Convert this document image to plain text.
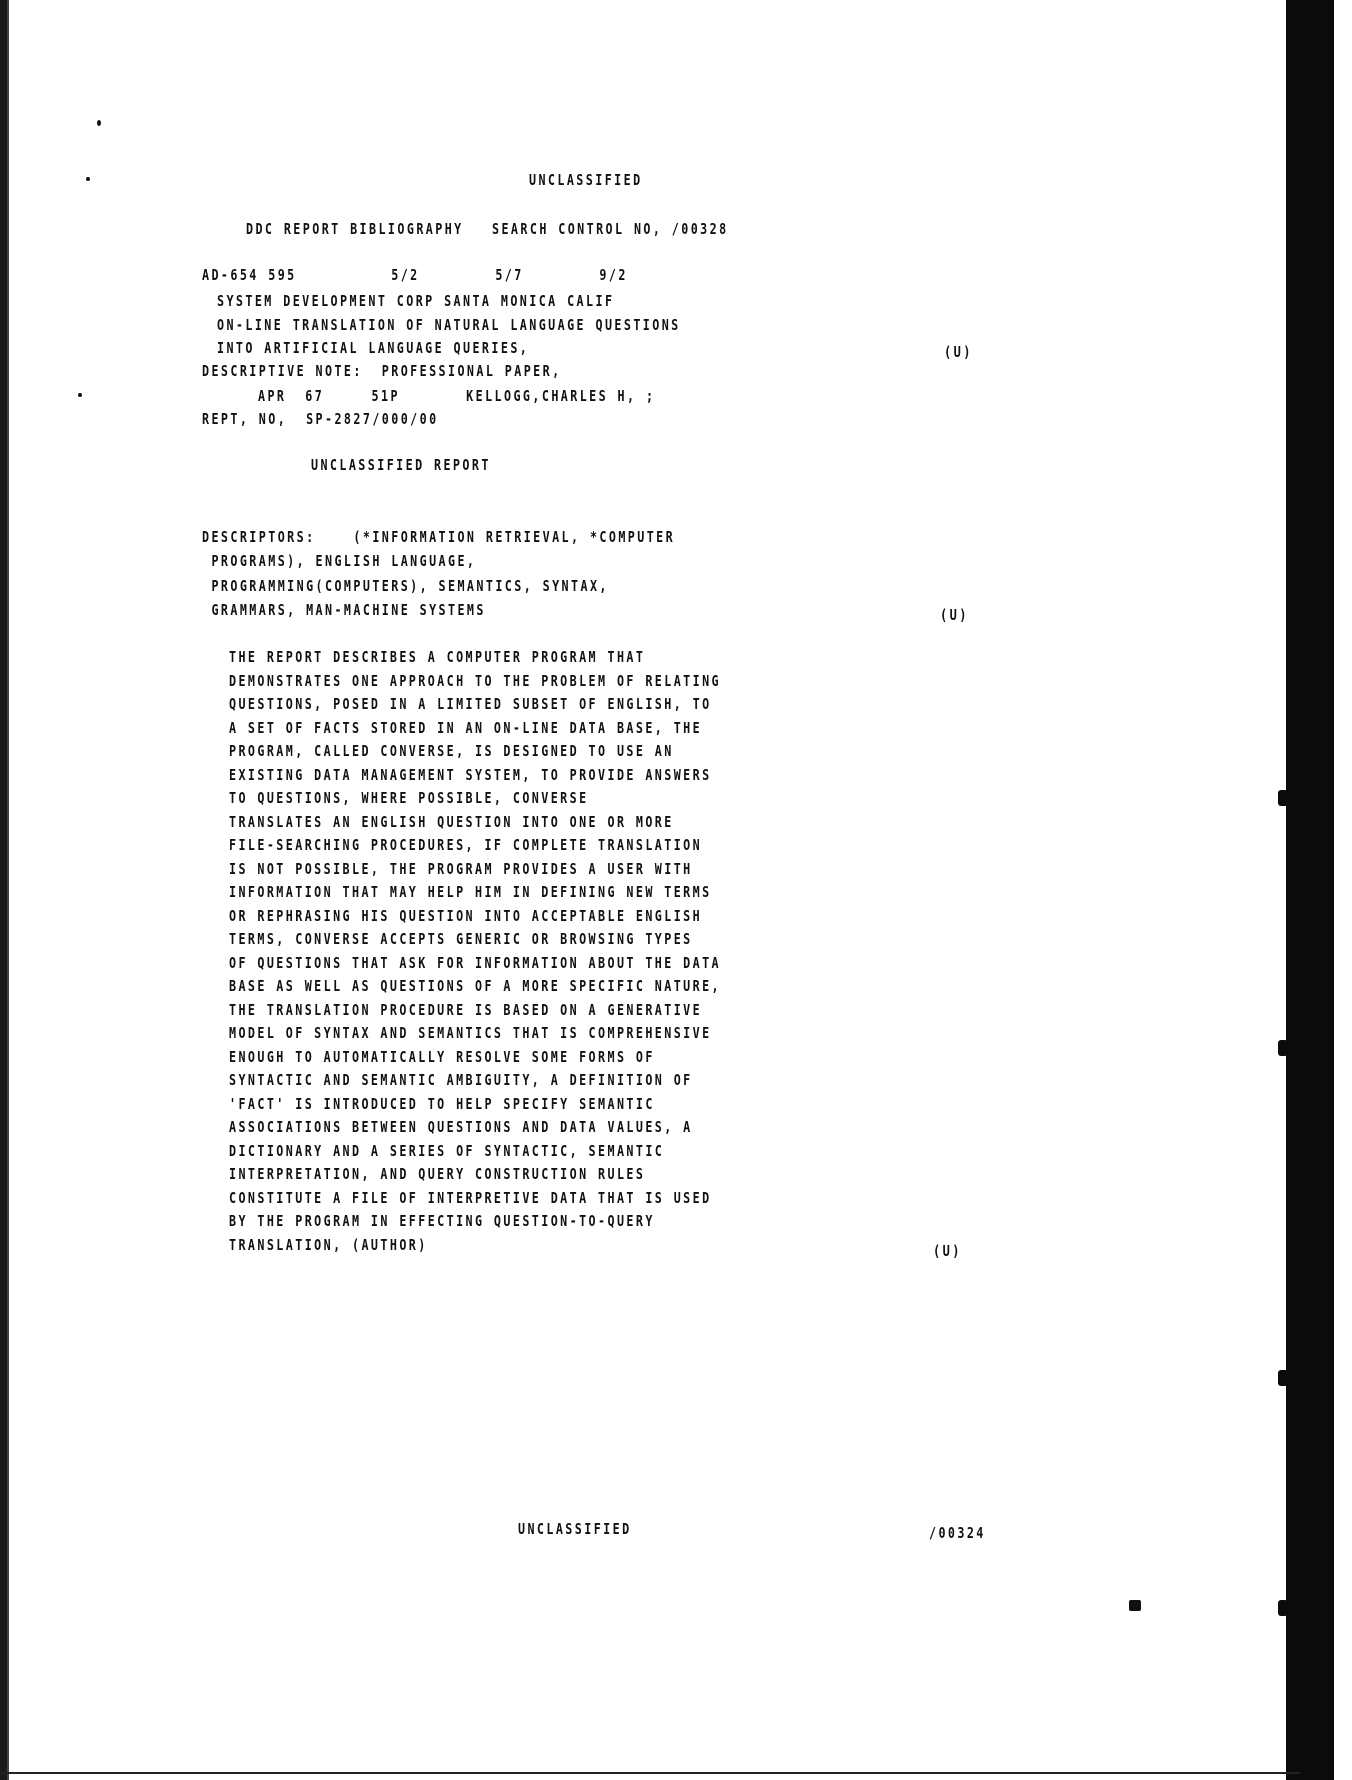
UNCLASSIFIED
DDC REPORT BIBLIOGRAPHY   SEARCH CONTROL NO, /00328
AD-654 595          5/2        5/7        9/2
SYSTEM DEVELOPMENT CORP SANTA MONICA CALIF
ON-LINE TRANSLATION OF NATURAL LANGUAGE QUESTIONS
INTO ARTIFICIAL LANGUAGE QUERIES,	(U)
DESCRIPTIVE NOTE:  PROFESSIONAL PAPER,
APR  67     51P       KELLOGG,CHARLES H, ;
REPT, NO,  SP-2827/000/00
UNCLASSIFIED REPORT
DESCRIPTORS:    (*INFORMATION RETRIEVAL, *COMPUTER
PROGRAMS), ENGLISH LANGUAGE,
PROGRAMMING(COMPUTERS), SEMANTICS, SYNTAX,
GRAMMARS, MAN-MACHINE SYSTEMS	(U)
THE REPORT DESCRIBES A COMPUTER PROGRAM THAT
DEMONSTRATES ONE APPROACH TO THE PROBLEM OF RELATING
QUESTIONS, POSED IN A LIMITED SUBSET OF ENGLISH, TO
A SET OF FACTS STORED IN AN ON-LINE DATA BASE, THE
PROGRAM, CALLED CONVERSE, IS DESIGNED TO USE AN
EXISTING DATA MANAGEMENT SYSTEM, TO PROVIDE ANSWERS
TO QUESTIONS, WHERE POSSIBLE, CONVERSE
TRANSLATES AN ENGLISH QUESTION INTO ONE OR MORE
FILE-SEARCHING PROCEDURES, IF COMPLETE TRANSLATION
IS NOT POSSIBLE, THE PROGRAM PROVIDES A USER WITH
INFORMATION THAT MAY HELP HIM IN DEFINING NEW TERMS
OR REPHRASING HIS QUESTION INTO ACCEPTABLE ENGLISH
TERMS, CONVERSE ACCEPTS GENERIC OR BROWSING TYPES
OF QUESTIONS THAT ASK FOR INFORMATION ABOUT THE DATA
BASE AS WELL AS QUESTIONS OF A MORE SPECIFIC NATURE,
THE TRANSLATION PROCEDURE IS BASED ON A GENERATIVE
MODEL OF SYNTAX AND SEMANTICS THAT IS COMPREHENSIVE
ENOUGH TO AUTOMATICALLY RESOLVE SOME FORMS OF
SYNTACTIC AND SEMANTIC AMBIGUITY, A DEFINITION OF
'FACT' IS INTRODUCED TO HELP SPECIFY SEMANTIC
ASSOCIATIONS BETWEEN QUESTIONS AND DATA VALUES, A
DICTIONARY AND A SERIES OF SYNTACTIC, SEMANTIC
INTERPRETATION, AND QUERY CONSTRUCTION RULES
CONSTITUTE A FILE OF INTERPRETIVE DATA THAT IS USED
BY THE PROGRAM IN EFFECTING QUESTION-TO-QUERY
TRANSLATION, (AUTHOR)	(U)
UNCLASSIFIED	/00324
